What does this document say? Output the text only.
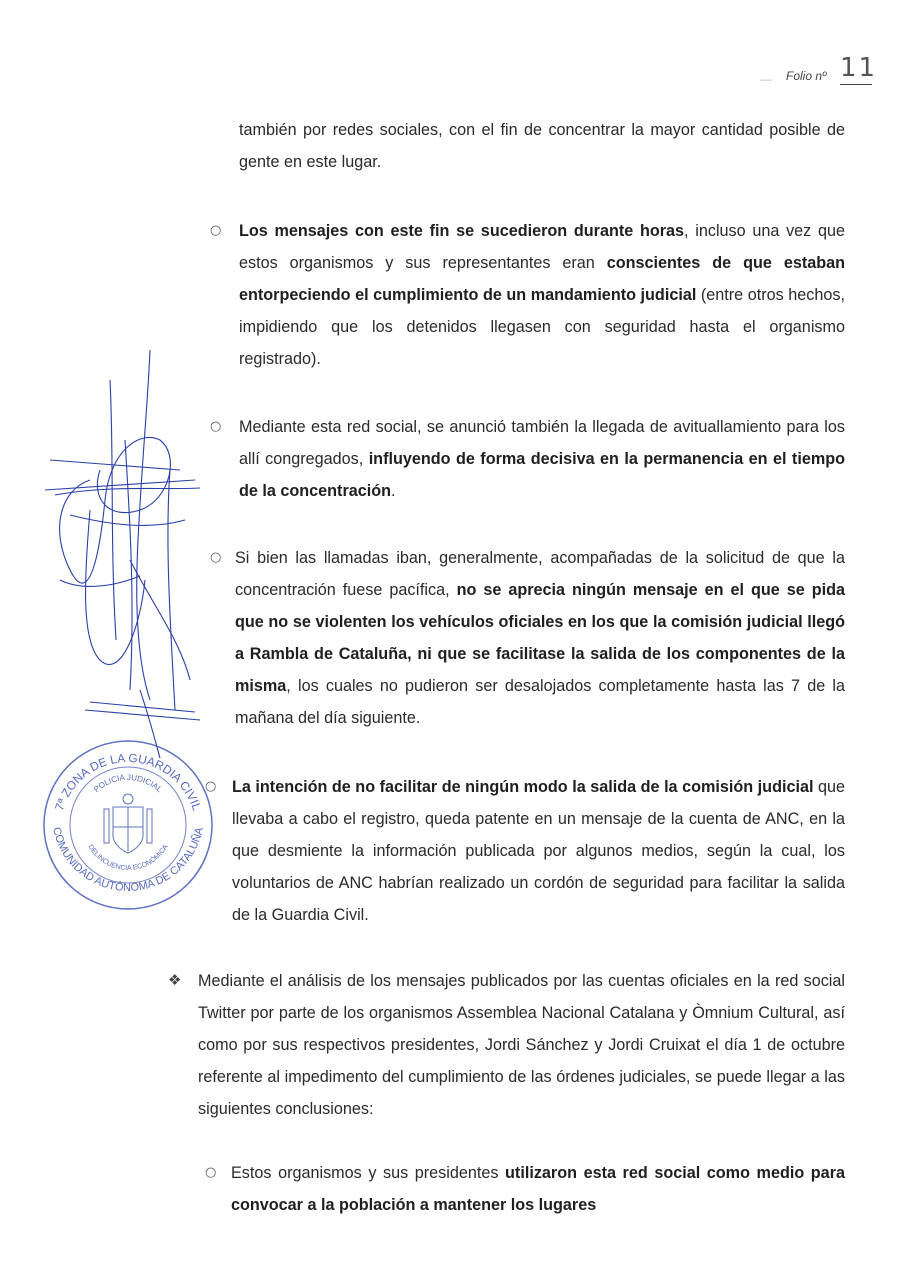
— Folio nº 11

también por redes sociales, con el fin de concentrar la mayor cantidad posible de gente en este lugar.

○ Los mensajes con este fin se sucedieron durante horas, incluso una vez que estos organismos y sus representantes eran conscientes de que estaban entorpeciendo el cumplimiento de un mandamiento judicial (entre otros hechos, impidiendo que los detenidos llegasen con seguridad hasta el organismo registrado).

○ Mediante esta red social, se anunció también la llegada de avituallamiento para los allí congregados, influyendo de forma decisiva en la permanencia en el tiempo de la concentración.

○ Si bien las llamadas iban, generalmente, acompañadas de la solicitud de que la concentración fuese pacífica, no se aprecia ningún mensaje en el que se pida que no se violenten los vehículos oficiales en los que la comisión judicial llegó a Rambla de Cataluña, ni que se facilitase la salida de los componentes de la misma, los cuales no pudieron ser desalojados completamente hasta las 7 de la mañana del día siguiente.

○ La intención de no facilitar de ningún modo la salida de la comisión judicial que llevaba a cabo el registro, queda patente en un mensaje de la cuenta de ANC, en la que desmiente la información publicada por algunos medios, según la cual, los voluntarios de ANC habrían realizado un cordón de seguridad para facilitar la salida de la Guardia Civil.

❖ Mediante el análisis de los mensajes publicados por las cuentas oficiales en la red social Twitter por parte de los organismos Assemblea Nacional Catalana y Òmnium Cultural, así como por sus respectivos presidentes, Jordi Sánchez y Jordi Cruixat el día 1 de octubre referente al impedimento del cumplimiento de las órdenes judiciales, se puede llegar a las siguientes conclusiones:

○ Estos organismos y sus presidentes utilizaron esta red social como medio para convocar a la población a mantener los lugares

7ª ZONA DE LA GUARDIA CIVIL
COMUNIDAD AUTÓNOMA DE CATALUÑA
POLICIA JUDICIAL
DELINCUENCIA ECONÓMICA
